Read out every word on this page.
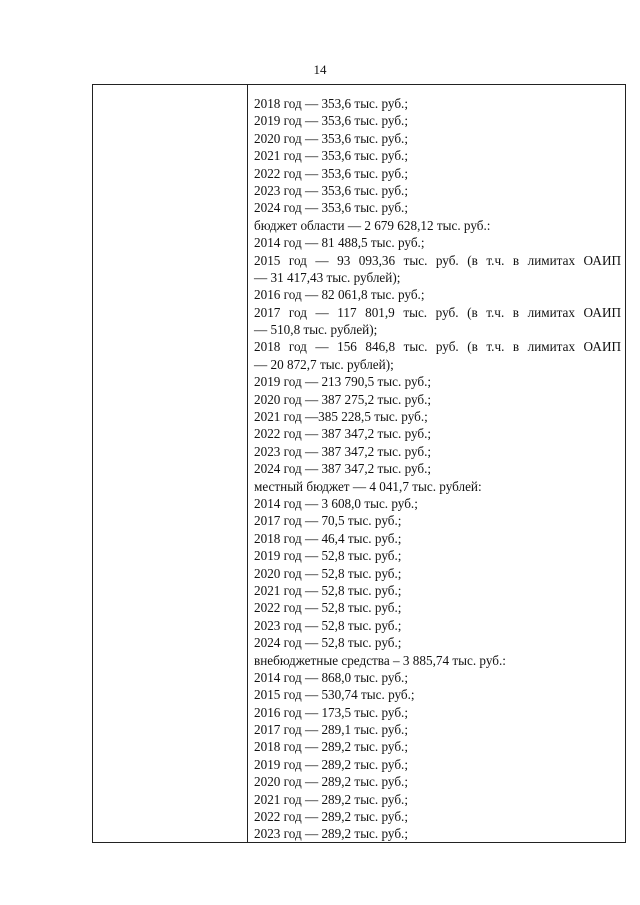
14
2018 год — 353,6 тыс. руб.;
2019 год — 353,6 тыс. руб.;
2020 год — 353,6 тыс. руб.;
2021 год — 353,6 тыс. руб.;
2022 год — 353,6 тыс. руб.;
2023 год — 353,6 тыс. руб.;
2024 год — 353,6 тыс. руб.;
бюджет области — 2 679 628,12 тыс. руб.:
2014 год — 81 488,5 тыс. руб.;
2015 год — 93 093,36 тыс. руб. (в т.ч. в лимитах ОАИП
— 31 417,43 тыс. рублей);
2016 год — 82 061,8 тыс. руб.;
2017 год — 117 801,9 тыс. руб. (в т.ч. в лимитах ОАИП
— 510,8 тыс. рублей);
2018 год — 156 846,8 тыс. руб. (в т.ч. в лимитах ОАИП
— 20 872,7 тыс. рублей);
2019 год — 213 790,5 тыс. руб.;
2020 год — 387 275,2 тыс. руб.;
2021 год —385 228,5 тыс. руб.;
2022 год — 387 347,2 тыс. руб.;
2023 год — 387 347,2 тыс. руб.;
2024 год — 387 347,2 тыс. руб.;
местный бюджет — 4 041,7 тыс. рублей:
2014 год — 3 608,0 тыс. руб.;
2017 год — 70,5 тыс. руб.;
2018 год — 46,4 тыс. руб.;
2019 год — 52,8 тыс. руб.;
2020 год — 52,8 тыс. руб.;
2021 год — 52,8 тыс. руб.;
2022 год — 52,8 тыс. руб.;
2023 год — 52,8 тыс. руб.;
2024 год — 52,8 тыс. руб.;
внебюджетные средства – 3 885,74 тыс. руб.:
2014 год — 868,0 тыс. руб.;
2015 год — 530,74 тыс. руб.;
2016 год — 173,5 тыс. руб.;
2017 год — 289,1 тыс. руб.;
2018 год — 289,2 тыс. руб.;
2019 год — 289,2 тыс. руб.;
2020 год — 289,2 тыс. руб.;
2021 год — 289,2 тыс. руб.;
2022 год — 289,2 тыс. руб.;
2023 год — 289,2 тыс. руб.;
